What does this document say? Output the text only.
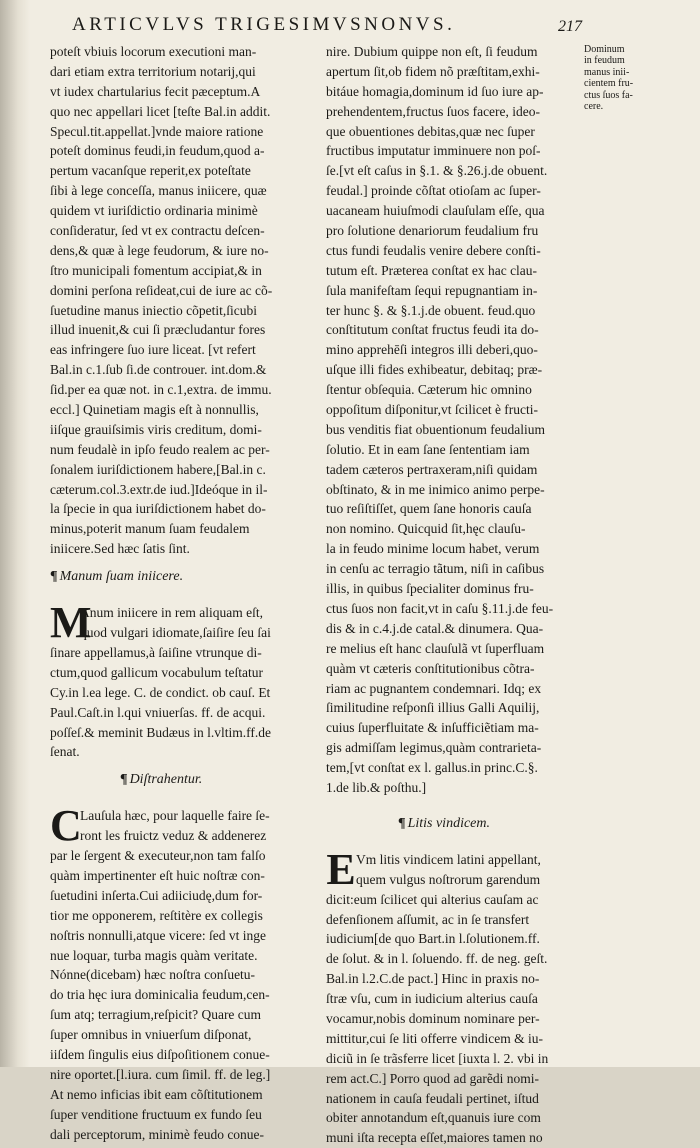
ARTICVLVS TRIGESIMVSNONVS.	217
poteſt vbiuis locorum executioni man-
dari etiam extra territorium notarij,qui
vt iudex chartularius fecit pæceptum.A
quo nec appellari licet [teſte Bal.in addit.
Specul.tit.appellat.]vnde maiore ratione
poteſt dominus feudi,in feudum,quod a-
pertum vacanſque reperit,ex poteſtate
ſibi à lege conceſſa, manus iniicere, quæ
quidem vt iuriſdictio ordinaria minimè
conſideratur, ſed vt ex contractu deſcen-
dens,& quæ à lege feudorum, & iure no-
ſtro municipali fomentum accipiat,& in
domini perſona reſideat,cui de iure ac cõ-
ſuetudine manus iniectio cõpetit,ſicubi
illud inuenit,& cui ſi præcludantur fores
eas infringere ſuo iure liceat. [vt refert
Bal.in c.1.ſub ſi.de controuer. int.dom.&
ſid.per ea quæ not. in c.1,extra. de immu.
eccl.] Quinetiam magis eſt à nonnullis,
iiſque grauiſsimis viris creditum, domi-
num feudalè in ipſo feudo realem ac per-
ſonalem iuriſdictionem habere,[Bal.in c.
cæterum.col.3.extr.de iud.]Ideóque in il-
la ſpecie in qua iuriſdictionem habet do-
minus,poterit manum ſuam feudalem
iniicere.Sed hæc ſatis ſint.
¶ Manum ſuam iniicere.
M
Anum iniicere in rem aliquam eſt,
quod vulgari idiomate,ſaiſire ſeu ſai
ſinare appellamus,à ſaiſine vtrunque di-
ctum,quod gallicum vocabulum teſtatur
Cy.in l.ea lege. C. de condict. ob cauſ. Et
Paul.Caſt.in l.qui vniuerſas. ff. de acqui.
poſſeſ.& meminit Budæus in l.vltim.ff.de
ſenat.
¶ Diſtrahentur.
C
Lauſula hæc, pour laquelle faire ſe-
ront les fruictz veduz & addenerez
par le ſergent & executeur,non tam falſo
quàm impertinenter eſt huic noſtræ con-
ſuetudini inſerta.Cui adiiciudę,dum for-
tior me opponerem, reſtitère ex collegis
noſtris nonnulli,atque vicere: ſed vt inge
nue loquar, turba magis quàm veritate.
Nónne(dicebam) hæc noſtra conſuetu-
do tria hęc iura dominicalia feudum,cen-
ſum atq; terragium,reſpicit? Quare cum
ſuper omnibus in vniuerſum diſponat,
iiſdem ſingulis eius diſpoſitionem conue-
nire oportet.[l.iura. cum ſimil. ff. de leg.]
At nemo inficias ibit eam cõſtitutionem
ſuper venditione fructuum ex fundo ſeu
dali perceptorum, minimè feudo conue-
nire. Dubium quippe non eſt, ſi feudum
apertum ſit,ob fidem nõ præſtitam,exhi-
bitáue homagia,dominum id ſuo iure ap-
prehendentem,fructus ſuos facere, ideo-
que obuentiones debitas,quæ nec ſuper
fructibus imputatur imminuere non poſ-
ſe.[vt eſt caſus in §.1. & §.26.j.de obuent.
feudal.] proinde cõſtat otioſam ac ſuper-
uacaneam huiuſmodi clauſulam eſſe, qua
pro ſolutione denariorum feudalium fru
ctus fundi feudalis venire debere conſti-
tutum eſt. Præterea conſtat ex hac clau-
ſula manifeſtam ſequi repugnantiam in-
ter hunc §. & §.1.j.de obuent. feud.quo
conſtitutum conſtat fructus feudi ita do-
mino apprehēſi integros illi deberi,quo-
uſque illi fides exhibeatur, debitaq; præ-
ſtentur obſequia. Cæterum hic omnino
oppoſitum diſponitur,vt ſcilicet è fructi-
bus venditis fiat obuentionum feudalium
ſolutio. Et in eam ſane ſententiam iam
tadem cæteros pertraxeram,niſi quidam
obſtinato, & in me inimico animo perpe-
tuo reſiſtiſſet, quem ſane honoris cauſa
non nomino. Quicquid ſit,hęc clauſu-
la in feudo minime locum habet, verum
in cenſu ac terragio tãtum, niſi in caſibus
illis, in quibus ſpecialiter dominus fru-
ctus ſuos non facit,vt in caſu §.11.j.de feu-
dis & in c.4.j.de catal.& dinumera. Qua-
re melius eſt hanc clauſulã vt ſuperfluam
quàm vt cæteris conſtitutionibus cõtra-
riam ac pugnantem condemnari. Idq; ex
ſimilitudine reſponſi illius Galli Aquilij,
cuius ſuperfluitate & inſufficiẽtiam ma-
gis admiſſam legimus,quàm contrarieta-
tem,[vt conſtat ex l. gallus.in princ.C.§.
1.de lib.& poſthu.]
¶ Litis vindicem.
E Vm litis vindicem latini appellant,
quem vulgus noſtrorum garendum
dicit:eum ſcilicet qui alterius cauſam ac
defenſionem aſſumit, ac in ſe transfert
iudicium[de quo Bart.in l.ſolutionem.ff.
de ſolut. & in l. ſoluendo. ff. de neg. geſt.
Bal.in l.2.C.de pact.] Hinc in praxis no-
ſtræ vſu, cum in iudicium alterius cauſa
vocamur,nobis dominum nominare per-
mittitur,cui ſe liti offerre vindicem & iu-
diciũ in ſe trãsferre licet [iuxta l. 2. vbi in
rem act.C.] Porro quod ad garẽdi nomi-
nationem in cauſa feudali pertinet, iſtud
obiter annotandum eſt,quanuis iure com
muni iſta recepta eſſet,maiores tamen no
Dominum
in feudum
manus inii-
cientem fru-
ctus ſuos fa-
cere.
